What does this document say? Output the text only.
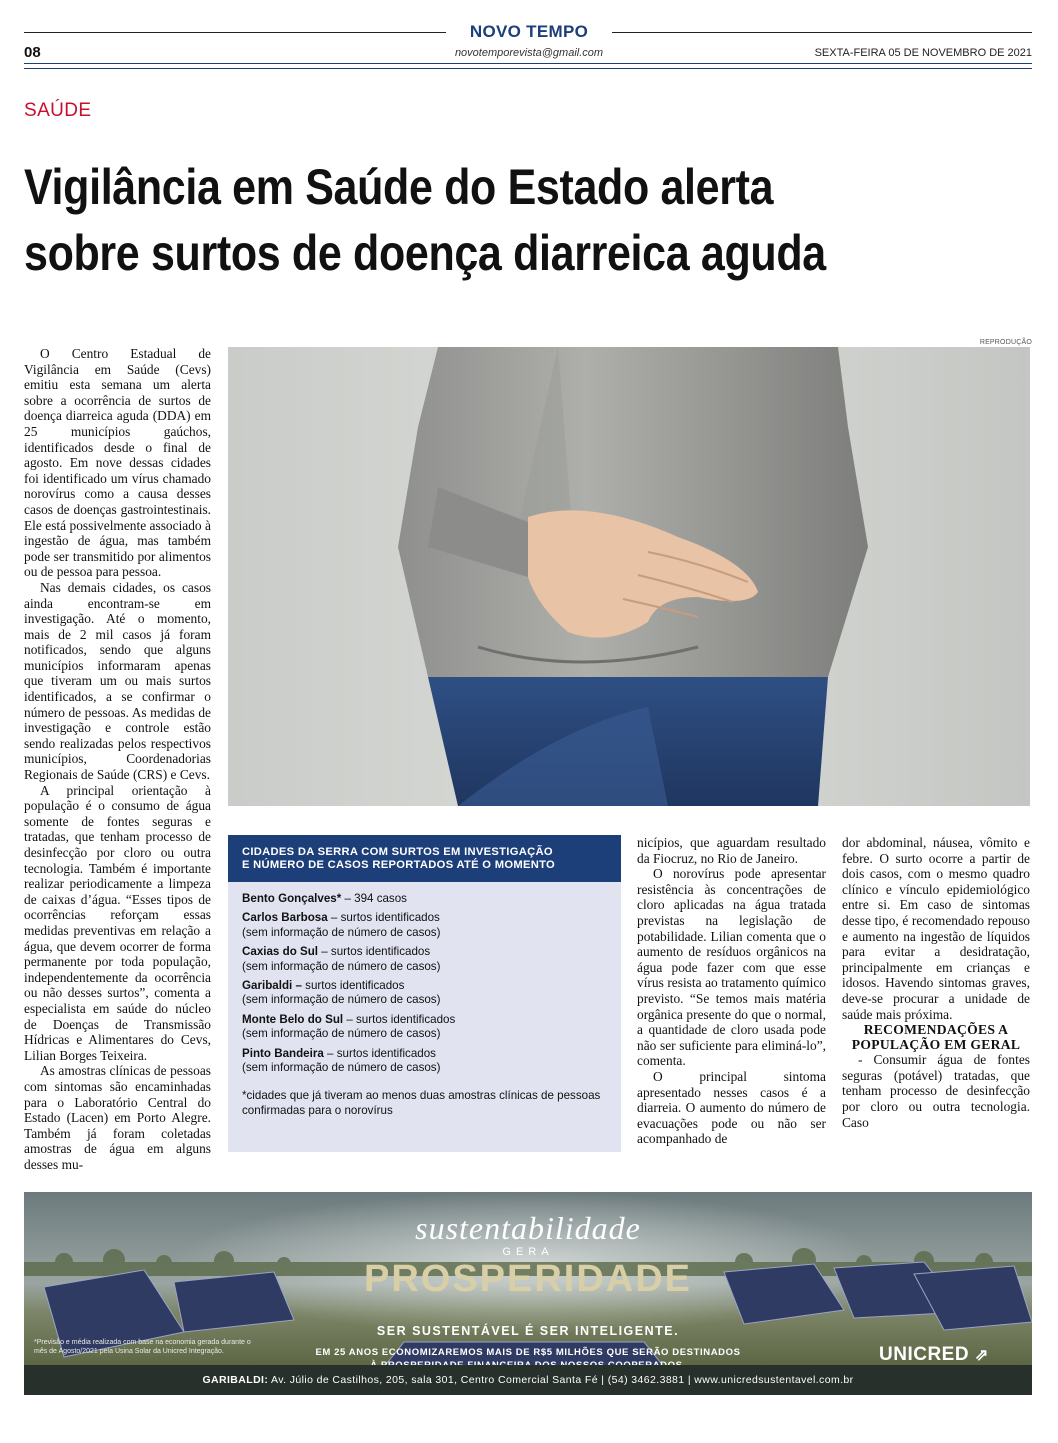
NOVO TEMPO
08	novotemporevista@gmail.com	SEXTA-FEIRA 05 DE NOVEMBRO DE 2021
SAÚDE
Vigilância em Saúde do Estado alerta
sobre surtos de doença diarreica aguda
REPRODUÇÃO

O Centro Estadual de Vigilância em Saúde (Cevs) emitiu esta semana um alerta sobre a ocorrência de surtos de doença diarreica aguda (DDA) em 25 municípios gaúchos, identificados desde o final de agosto. Em nove dessas cidades foi identificado um vírus chamado norovírus como a causa desses casos de doenças gastrointestinais. Ele está possivelmente associado à ingestão de água, mas também pode ser transmitido por alimentos ou de pessoa para pessoa.

Nas demais cidades, os casos ainda encontram-se em investigação. Até o momento, mais de 2 mil casos já foram notificados, sendo que alguns municípios informaram apenas que tiveram um ou mais surtos identificados, a se confirmar o número de pessoas. As medidas de investigação e controle estão sendo realizadas pelos respectivos municípios, Coordenadorias Regionais de Saúde (CRS) e Cevs.

A principal orientação à população é o consumo de água somente de fontes seguras e tratadas, que tenham processo de desinfecção por cloro ou outra tecnologia. Também é importante realizar periodicamente a limpeza de caixas d’água. “Esses tipos de ocorrências reforçam essas medidas preventivas em relação a água, que devem ocorrer de forma permanente por toda população, independentemente da ocorrência ou não desses surtos”, comenta a especialista em saúde do núcleo de Doenças de Transmissão Hídricas e Alimentares do Cevs, Lilian Borges Teixeira.

As amostras clínicas de pessoas com sintomas são encaminhadas para o Laboratório Central do Estado (Lacen) em Porto Alegre. Também já foram coletadas amostras de água em alguns desses mu-

CIDADES DA SERRA COM SURTOS EM INVESTIGAÇÃO
E NÚMERO DE CASOS REPORTADOS ATÉ O MOMENTO
Bento Gonçalves* – 394 casos
Carlos Barbosa – surtos identificados
(sem informação de número de casos)
Caxias do Sul – surtos identificados
(sem informação de número de casos)
Garibaldi – surtos identificados
(sem informação de número de casos)
Monte Belo do Sul – surtos identificados
(sem informação de número de casos)
Pinto Bandeira – surtos identificados
(sem informação de número de casos)
*cidades que já tiveram ao menos duas amostras clínicas de pessoas confirmadas para o norovírus

nicípios, que aguardam resultado da Fiocruz, no Rio de Janeiro.

O norovírus pode apresentar resistência às concentrações de cloro aplicadas na água tratada previstas na legislação de potabilidade. Lilian comenta que o aumento de resíduos orgânicos na água pode fazer com que esse vírus resista ao tratamento químico previsto. “Se temos mais matéria orgânica presente do que o normal, a quantidade de cloro usada pode não ser suficiente para eliminá-lo”, comenta.

O principal sintoma apresentado nesses casos é a diarreia. O aumento do número de evacuações pode ou não ser acompanhado de

dor abdominal, náusea, vômito e febre. O surto ocorre a partir de dois casos, com o mesmo quadro clínico e vínculo epidemiológico entre si. Em caso de sintomas desse tipo, é recomendado repouso e aumento na ingestão de líquidos para evitar a desidratação, principalmente em crianças e idosos. Havendo sintomas graves, deve-se procurar a unidade de saúde mais próxima.

RECOMENDAÇÕES A POPULAÇÃO EM GERAL

- Consumir água de fontes seguras (potável) tratadas, que tenham processo de desinfecção por cloro ou outra tecnologia. Caso

sustentabilidade
GERA
PROSPERIDADE
SER SUSTENTÁVEL É SER INTELIGENTE.
EM 25 ANOS ECONOMIZAREMOS MAIS DE R$5 MILHÕES QUE SERÃO DESTINADOS
*Previsão e média realizada com base na economia gerada durante o mês de Agosto/2021 pela Usina Solar da Unicred Integração.	UNICRED ⇗
GARIBALDI: Av. Júlio de Castilhos, 205, sala 301, Centro Comercial Santa Fé | (54) 3462.3881 | www.unicredsustentavel.com.br
